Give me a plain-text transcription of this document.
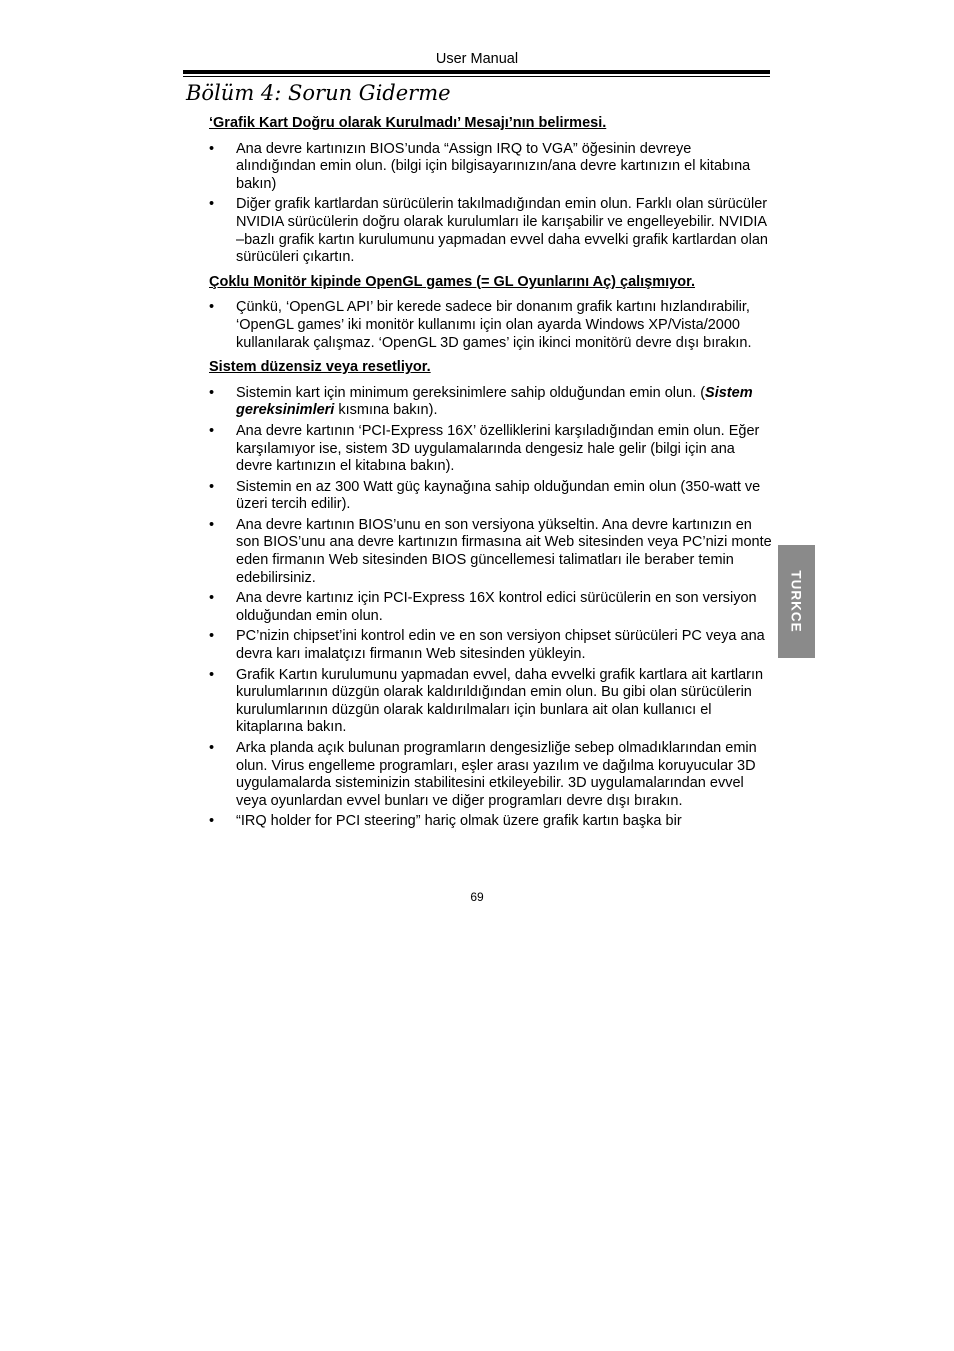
User Manual
Bölüm 4: Sorun Giderme

‘Grafik Kart Doğru olarak Kurulmadı’ Mesajı’nın belirmesi.

• Ana devre kartınızın BIOS’unda “Assign IRQ to VGA” öğesinin devreye alındığından emin olun. (bilgi için bilgisayarınızın/ana devre kartınızın el kitabına bakın)
• Diğer grafik kartlardan sürücülerin takılmadığından emin olun. Farklı olan sürücüler NVIDIA sürücülerin doğru olarak kurulumları ile karışabilir ve engelleyebilir. NVIDIA –bazlı grafik kartın kurulumunu yapmadan evvel daha evvelki grafik kartlardan olan sürücüleri çıkartın.

Çoklu Monitör kipinde OpenGL games (= GL Oyunlarını Aç) çalışmıyor.

• Çünkü, ‘OpenGL API’ bir kerede sadece bir donanım grafik kartını hızlandırabilir, ‘OpenGL games’ iki monitör kullanımı için olan ayarda Windows XP/Vista/2000 kullanılarak çalışmaz. ‘OpenGL 3D games’ için ikinci monitörü devre dışı bırakın.

Sistem düzensiz veya resetliyor.

• Sistemin kart için minimum gereksinimlere sahip olduğundan emin olun. (Sistem gereksinimleri kısmına bakın).
• Ana devre kartının ‘PCI-Express 16X’ özelliklerini karşıladığından emin olun. Eğer karşılamıyor ise, sistem 3D uygulamalarında dengesiz hale gelir (bilgi için ana devre kartınızın el kitabına bakın).
• Sistemin en az 300 Watt güç kaynağına sahip olduğundan emin olun (350-watt ve üzeri tercih edilir).
• Ana devre kartının BIOS’unu en son versiyona yükseltin. Ana devre kartınızın en son BIOS’unu ana devre kartınızın firmasına ait Web sitesinden veya PC’nizi monte eden firmanın Web sitesinden BIOS güncellemesi talimatları ile beraber temin edebilirsiniz.
• Ana devre kartınız için PCI-Express 16X kontrol edici sürücülerin en son versiyon olduğundan emin olun.
• PC’nizin chipset’ini kontrol edin ve en son versiyon chipset sürücüleri PC veya ana devra karı imalatçızı firmanın Web sitesinden yükleyin.
• Grafik Kartın kurulumunu yapmadan evvel, daha evvelki grafik kartlara ait kartların kurulumlarının düzgün olarak kaldırıldığından emin olun. Bu gibi olan sürücülerin kurulumlarının düzgün olarak kaldırılmaları için bunlara ait olan kullanıcı el kitaplarına bakın.
• Arka planda açık bulunan programların dengesizliğe sebep olmadıklarından emin olun. Virus engelleme programları, eşler arası yazılım ve dağılma koruyucular 3D uygulamalarda sisteminizin stabilitesini etkileyebilir. 3D uygulamalarından evvel veya oyunlardan evvel bunları ve diğer programları devre dışı bırakın.
• “IRQ holder for PCI steering” hariç olmak üzere grafik kartın başka bir
TURKCE
69
